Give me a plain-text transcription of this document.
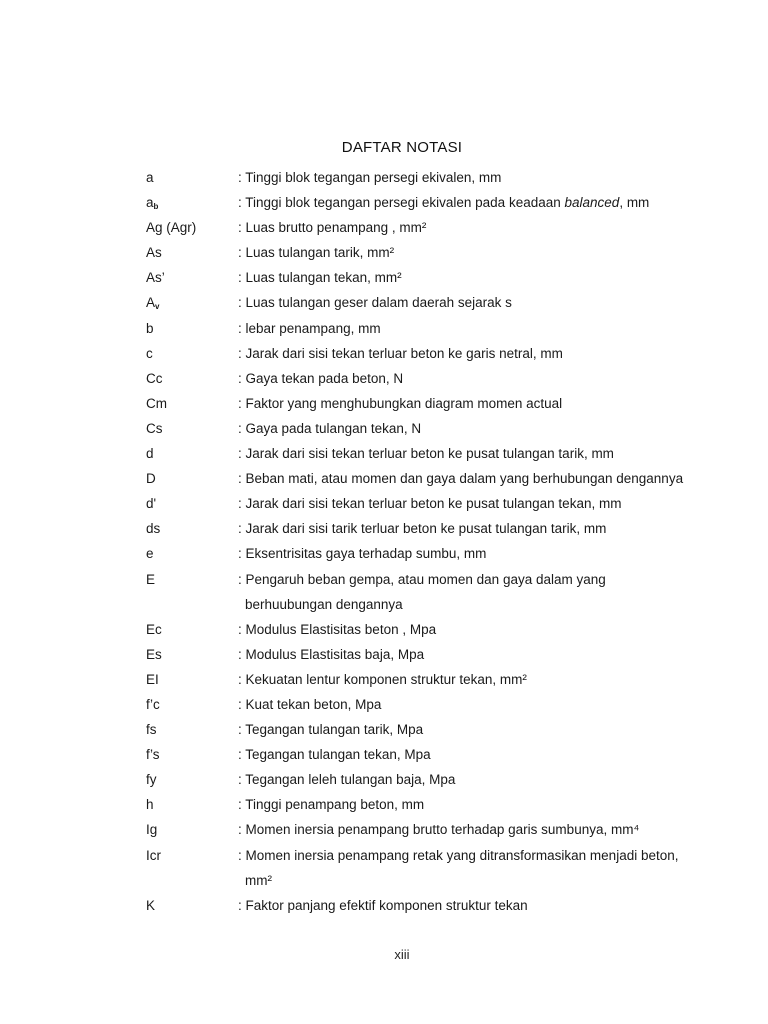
DAFTAR NOTASI
a	: Tinggi blok tegangan persegi ekivalen, mm
ab	: Tinggi blok tegangan persegi ekivalen pada keadaan balanced, mm
Ag (Agr)	: Luas brutto penampang , mm²
As	: Luas tulangan tarik, mm²
As’	: Luas tulangan tekan, mm²
Av	: Luas tulangan geser dalam daerah sejarak s
b	: lebar penampang, mm
c	: Jarak dari sisi tekan terluar beton ke garis netral, mm
Cc	: Gaya tekan pada beton, N
Cm	: Faktor yang menghubungkan diagram momen actual
Cs	: Gaya pada tulangan tekan, N
d	: Jarak dari sisi tekan terluar beton ke pusat tulangan tarik, mm
D	: Beban mati, atau momen dan gaya dalam yang berhubungan dengannya
d'	: Jarak dari sisi tekan terluar beton ke pusat tulangan tekan, mm
ds	: Jarak dari sisi tarik terluar beton ke pusat tulangan tarik, mm
e	: Eksentrisitas gaya terhadap sumbu, mm
E	: Pengaruh beban gempa, atau momen dan gaya dalam yang
berhuubungan dengannya
Ec	: Modulus Elastisitas beton , Mpa
Es	: Modulus Elastisitas baja, Mpa
EI	: Kekuatan lentur komponen struktur tekan, mm²
f’c	: Kuat tekan beton, Mpa
fs	: Tegangan tulangan tarik, Mpa
f’s	: Tegangan tulangan tekan, Mpa
fy	: Tegangan leleh tulangan baja, Mpa
h	: Tinggi penampang beton, mm
Ig	: Momen inersia penampang brutto terhadap garis sumbunya, mm⁴
Icr	: Momen inersia penampang retak yang ditransformasikan menjadi beton,
mm²
K	: Faktor panjang efektif komponen struktur tekan
xiii
